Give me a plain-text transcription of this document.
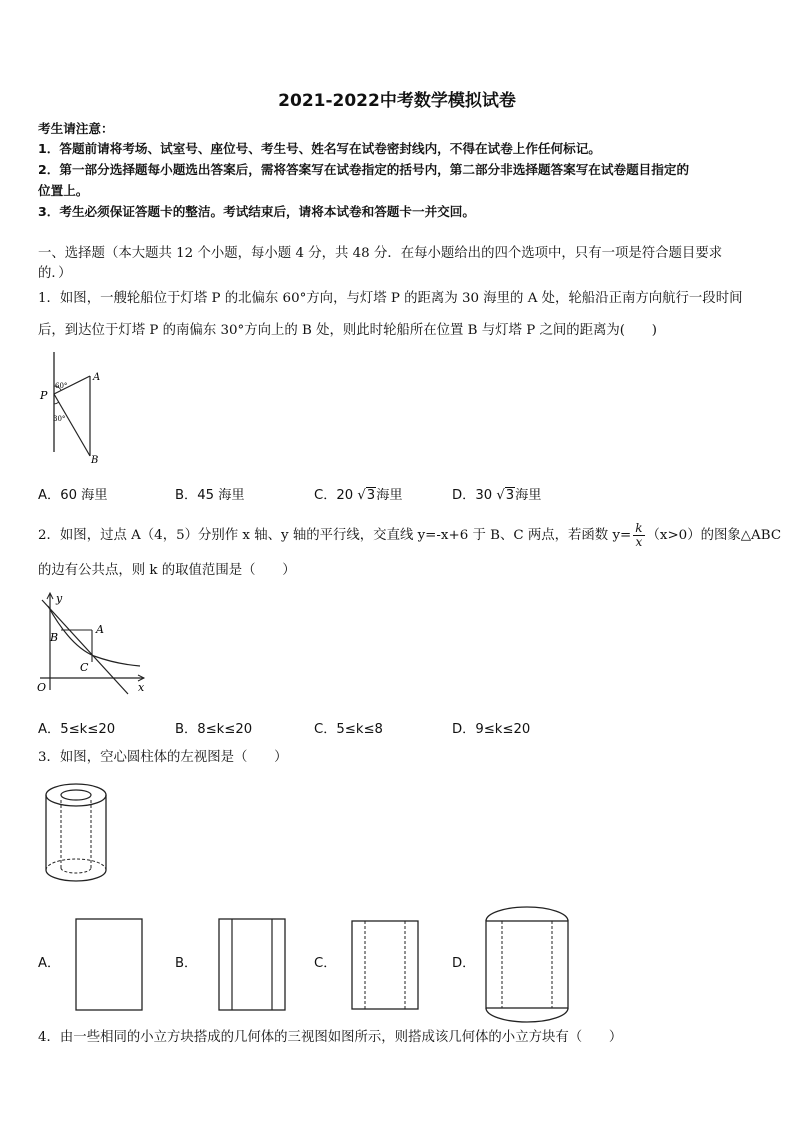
2021-2022中考数学模拟试卷
考生请注意：
1．答题前请将考场、试室号、座位号、考生号、姓名写在试卷密封线内，不得在试卷上作任何标记。
2．第一部分选择题每小题选出答案后，需将答案写在试卷指定的括号内，第二部分非选择题答案写在试卷题目指定的
位置上。
3．考生必须保证答题卡的整洁。考试结束后，请将本试卷和答题卡一并交回。
一、选择题（本大题共 12 个小题，每小题 4 分，共 48 分．在每小题给出的四个选项中，只有一项是符合题目要求
的．）
1．如图，一艘轮船位于灯塔 P 的北偏东 60°方向，与灯塔 P 的距离为 30 海里的 A 处，轮船沿正南方向航行一段时间
后，到达位于灯塔 P 的南偏东 30°方向上的 B 处，则此时轮船所在位置 B 与灯塔 P 之间的距离为(　　)
P
A
B
60°
30°
A．60 海里	B．45 海里	C．20 √3海里	D．30 √3海里
2．如图，过点 A（4，5）分别作 x 轴、y 轴的平行线，交直线 y=-x+6 于 B、C 两点，若函数 $y= \frac{k}{x} (x>0)$的图象△ABC
的边有公共点，则 k 的取值范围是（　　）
y
x
O
A
B
C
A．5≤k≤20	B．8≤k≤20	C．5≤k≤8	D．9≤k≤20
3．如图，空心圆柱体的左视图是（　　）
A．	B．	C．	D．
4．由一些相同的小立方块搭成的几何体的三视图如图所示，则搭成该几何体的小立方块有（　　）
